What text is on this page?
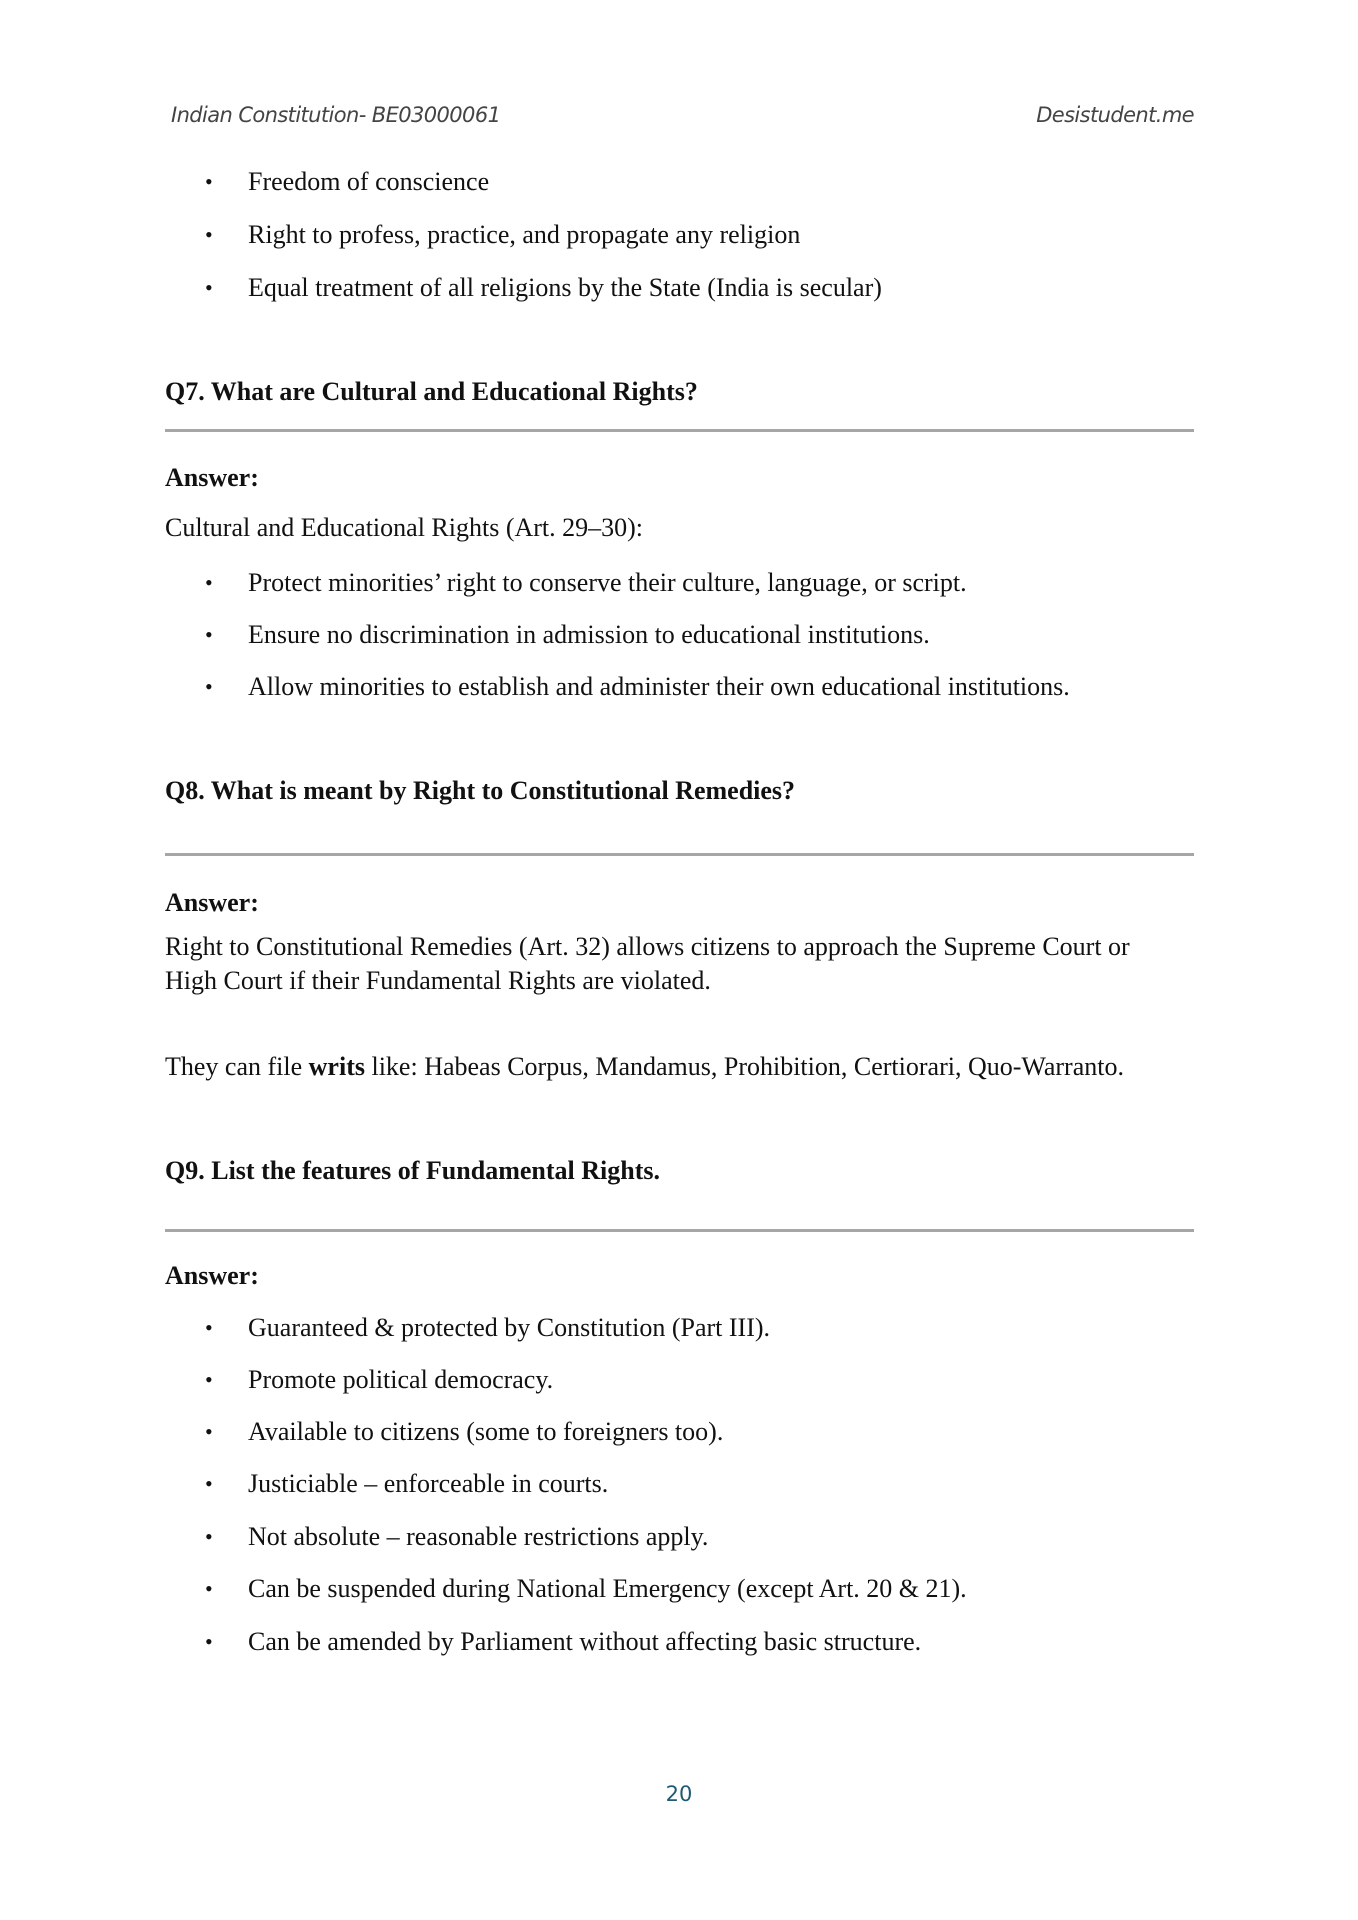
Indian Constitution- BE03000061	Desistudent.me
• Freedom of conscience
• Right to profess, practice, and propagate any religion
• Equal treatment of all religions by the State (India is secular)
Q7. What are Cultural and Educational Rights?
Answer:
Cultural and Educational Rights (Art. 29–30):
• Protect minorities’ right to conserve their culture, language, or script.
• Ensure no discrimination in admission to educational institutions.
• Allow minorities to establish and administer their own educational institutions.
Q8. What is meant by Right to Constitutional Remedies?
Answer:
Right to Constitutional Remedies (Art. 32) allows citizens to approach the Supreme Court or
High Court if their Fundamental Rights are violated.
They can file writs like: Habeas Corpus, Mandamus, Prohibition, Certiorari, Quo-Warranto.
Q9. List the features of Fundamental Rights.
Answer:
• Guaranteed & protected by Constitution (Part III).
• Promote political democracy.
• Available to citizens (some to foreigners too).
• Justiciable – enforceable in courts.
• Not absolute – reasonable restrictions apply.
• Can be suspended during National Emergency (except Art. 20 & 21).
• Can be amended by Parliament without affecting basic structure.
20
